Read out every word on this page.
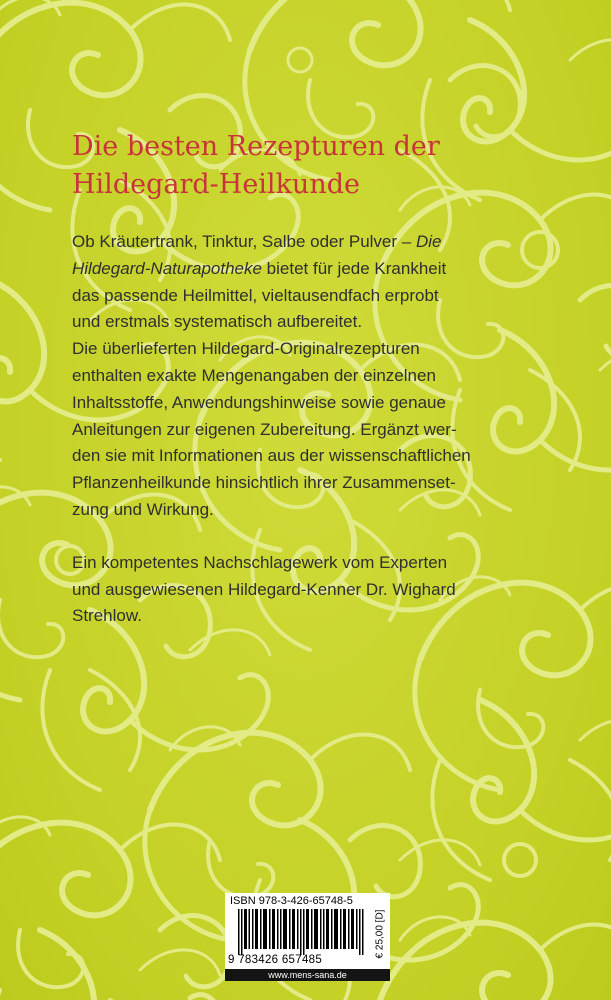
Die besten Rezepturen der
Hildegard-Heilkunde
Ob Kräutertrank, Tinktur, Salbe oder Pulver – Die
Hildegard-Naturapotheke bietet für jede Krankheit
das passende Heilmittel, vieltausendfach erprobt
und erstmals systematisch aufbereitet.
Die überlieferten Hildegard-Originalrezepturen
enthalten exakte Mengenangaben der einzelnen
Inhaltsstoffe, Anwendungshinweise sowie genaue
Anleitungen zur eigenen Zubereitung. Ergänzt wer-
den sie mit Informationen aus der wissenschaftlichen
Pflanzenheilkunde hinsichtlich ihrer Zusammenset-
zung und Wirkung.
Ein kompetentes Nachschlagewerk vom Experten
und ausgewiesenen Hildegard-Kenner Dr. Wighard
Strehlow.
ISBN 978-3-426-65748-5
9 783426 657485
€ 25,00 [D]
www.mens-sana.de
